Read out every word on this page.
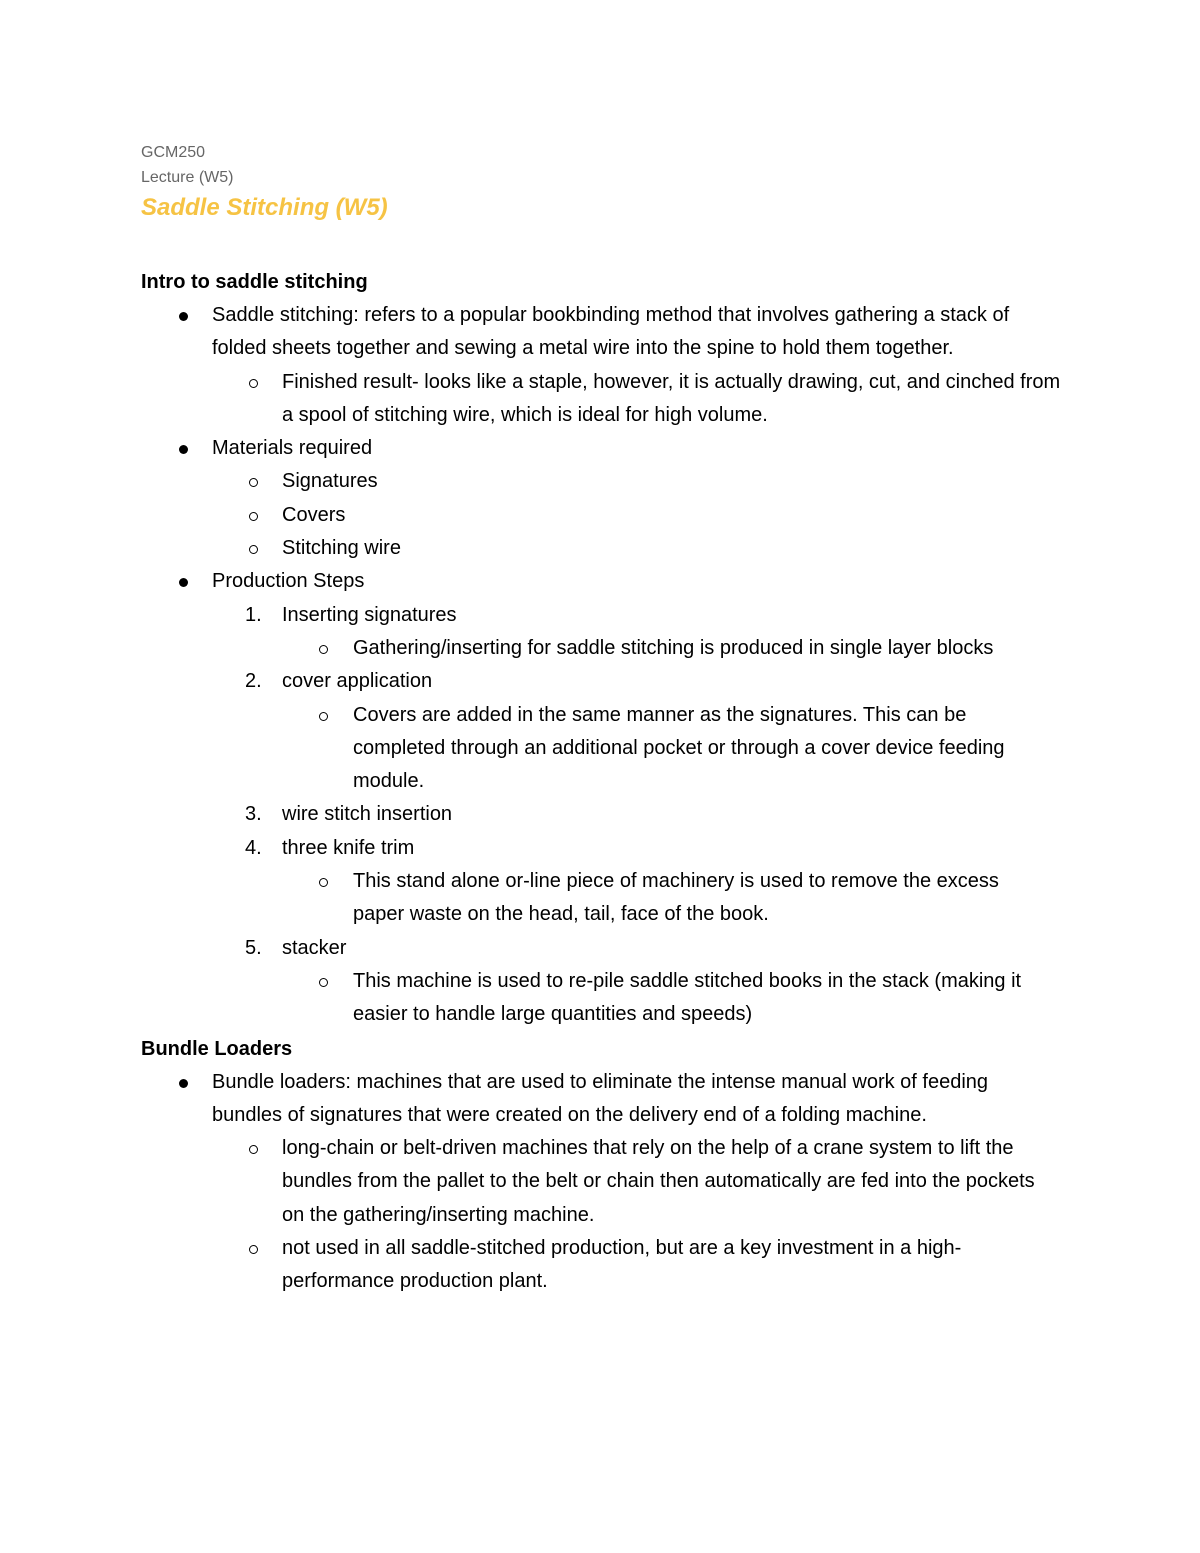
GCM250

Lecture (W5)

Saddle Stitching (W5)
Intro to saddle stitching
Saddle stitching: refers to a popular bookbinding method that involves gathering a stack of folded sheets together and sewing a metal wire into the spine to hold them together.
Finished result- looks like a staple, however, it is actually drawing, cut, and cinched from a spool of stitching wire, which is ideal for high volume.
Materials required
Signatures
Covers
Stitching wire
Production Steps
1. Inserting signatures
Gathering/inserting for saddle stitching is produced in single layer blocks
2. cover application
Covers are added in the same manner as the signatures. This can be completed through an additional pocket or through a cover device feeding module.
3. wire stitch insertion
4. three knife trim
This stand alone or-line piece of machinery is used to remove the excess paper waste on the head, tail, face of the book.
5. stacker
This machine is used to re-pile saddle stitched books in the stack (making it easier to handle large quantities and speeds)
Bundle Loaders
Bundle loaders: machines that are used to eliminate the intense manual work of feeding bundles of signatures that were created on the delivery end of a folding machine.
long-chain or belt-driven machines that rely on the help of a crane system to lift the bundles from the pallet to the belt or chain then automatically are fed into the pockets on the gathering/inserting machine.
not used in all saddle-stitched production, but are a key investment in a high-performance production plant.
